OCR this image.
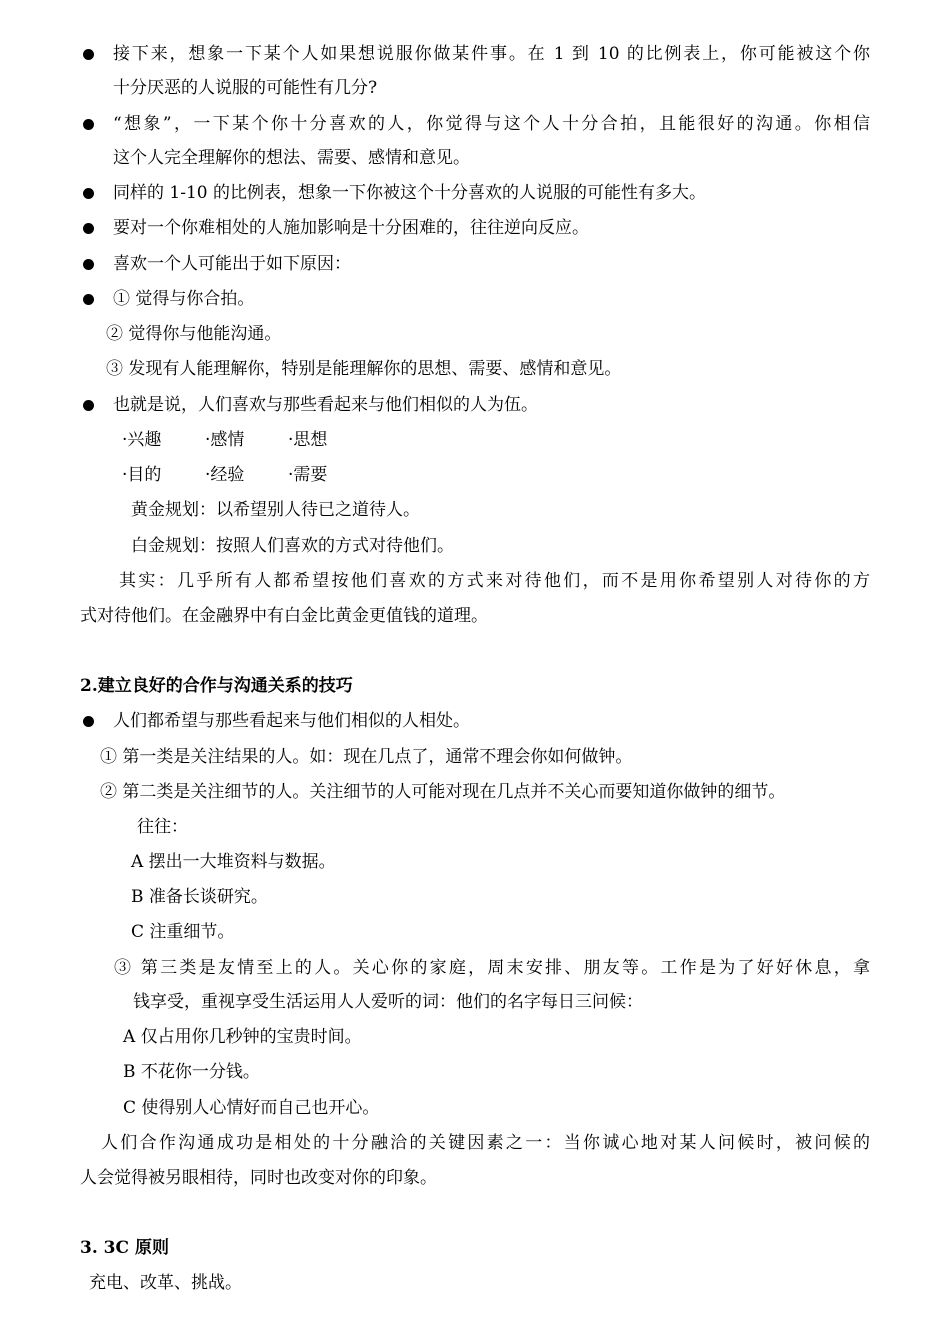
接下来，想象一下某个人如果想说服你做某件事。在 1 到 10 的比例表上，你可能被这个你
十分厌恶的人说服的可能性有几分?
“想象”，一下某个你十分喜欢的人，你觉得与这个人十分合拍，且能很好的沟通。你相信
这个人完全理解你的想法、需要、感情和意见。
同样的 1-10 的比例表，想象一下你被这个十分喜欢的人说服的可能性有多大。
要对一个你难相处的人施加影响是十分困难的，往往逆向反应。
喜欢一个人可能出于如下原因：
① 觉得与你合拍。
② 觉得你与他能沟通。
③ 发现有人能理解你，特别是能理解你的思想、需要、感情和意见。
也就是说，人们喜欢与那些看起来与他们相似的人为伍。
·兴趣	·感情	·思想
·目的	·经验	·需要
黄金规划：以希望别人待已之道待人。
白金规划：按照人们喜欢的方式对待他们。
其实：几乎所有人都希望按他们喜欢的方式来对待他们，而不是用你希望别人对待你的方
式对待他们。在金融界中有白金比黄金更值钱的道理。
2.建立良好的合作与沟通关系的技巧
人们都希望与那些看起来与他们相似的人相处。
① 第一类是关注结果的人。如：现在几点了，通常不理会你如何做钟。
② 第二类是关注细节的人。关注细节的人可能对现在几点并不关心而要知道你做钟的细节。
往往：
A 摆出一大堆资料与数据。
B 准备长谈研究。
C 注重细节。
③ 第三类是友情至上的人。关心你的家庭，周末安排、朋友等。工作是为了好好休息，拿
钱享受，重视享受生活运用人人爱听的词：他们的名字每日三问候：
A 仅占用你几秒钟的宝贵时间。
B 不花你一分钱。
C 使得别人心情好而自己也开心。
人们合作沟通成功是相处的十分融洽的关键因素之一：当你诚心地对某人问候时，被问候的
人会觉得被另眼相待，同时也改变对你的印象。
3. 3C 原则
充电、改革、挑战。
